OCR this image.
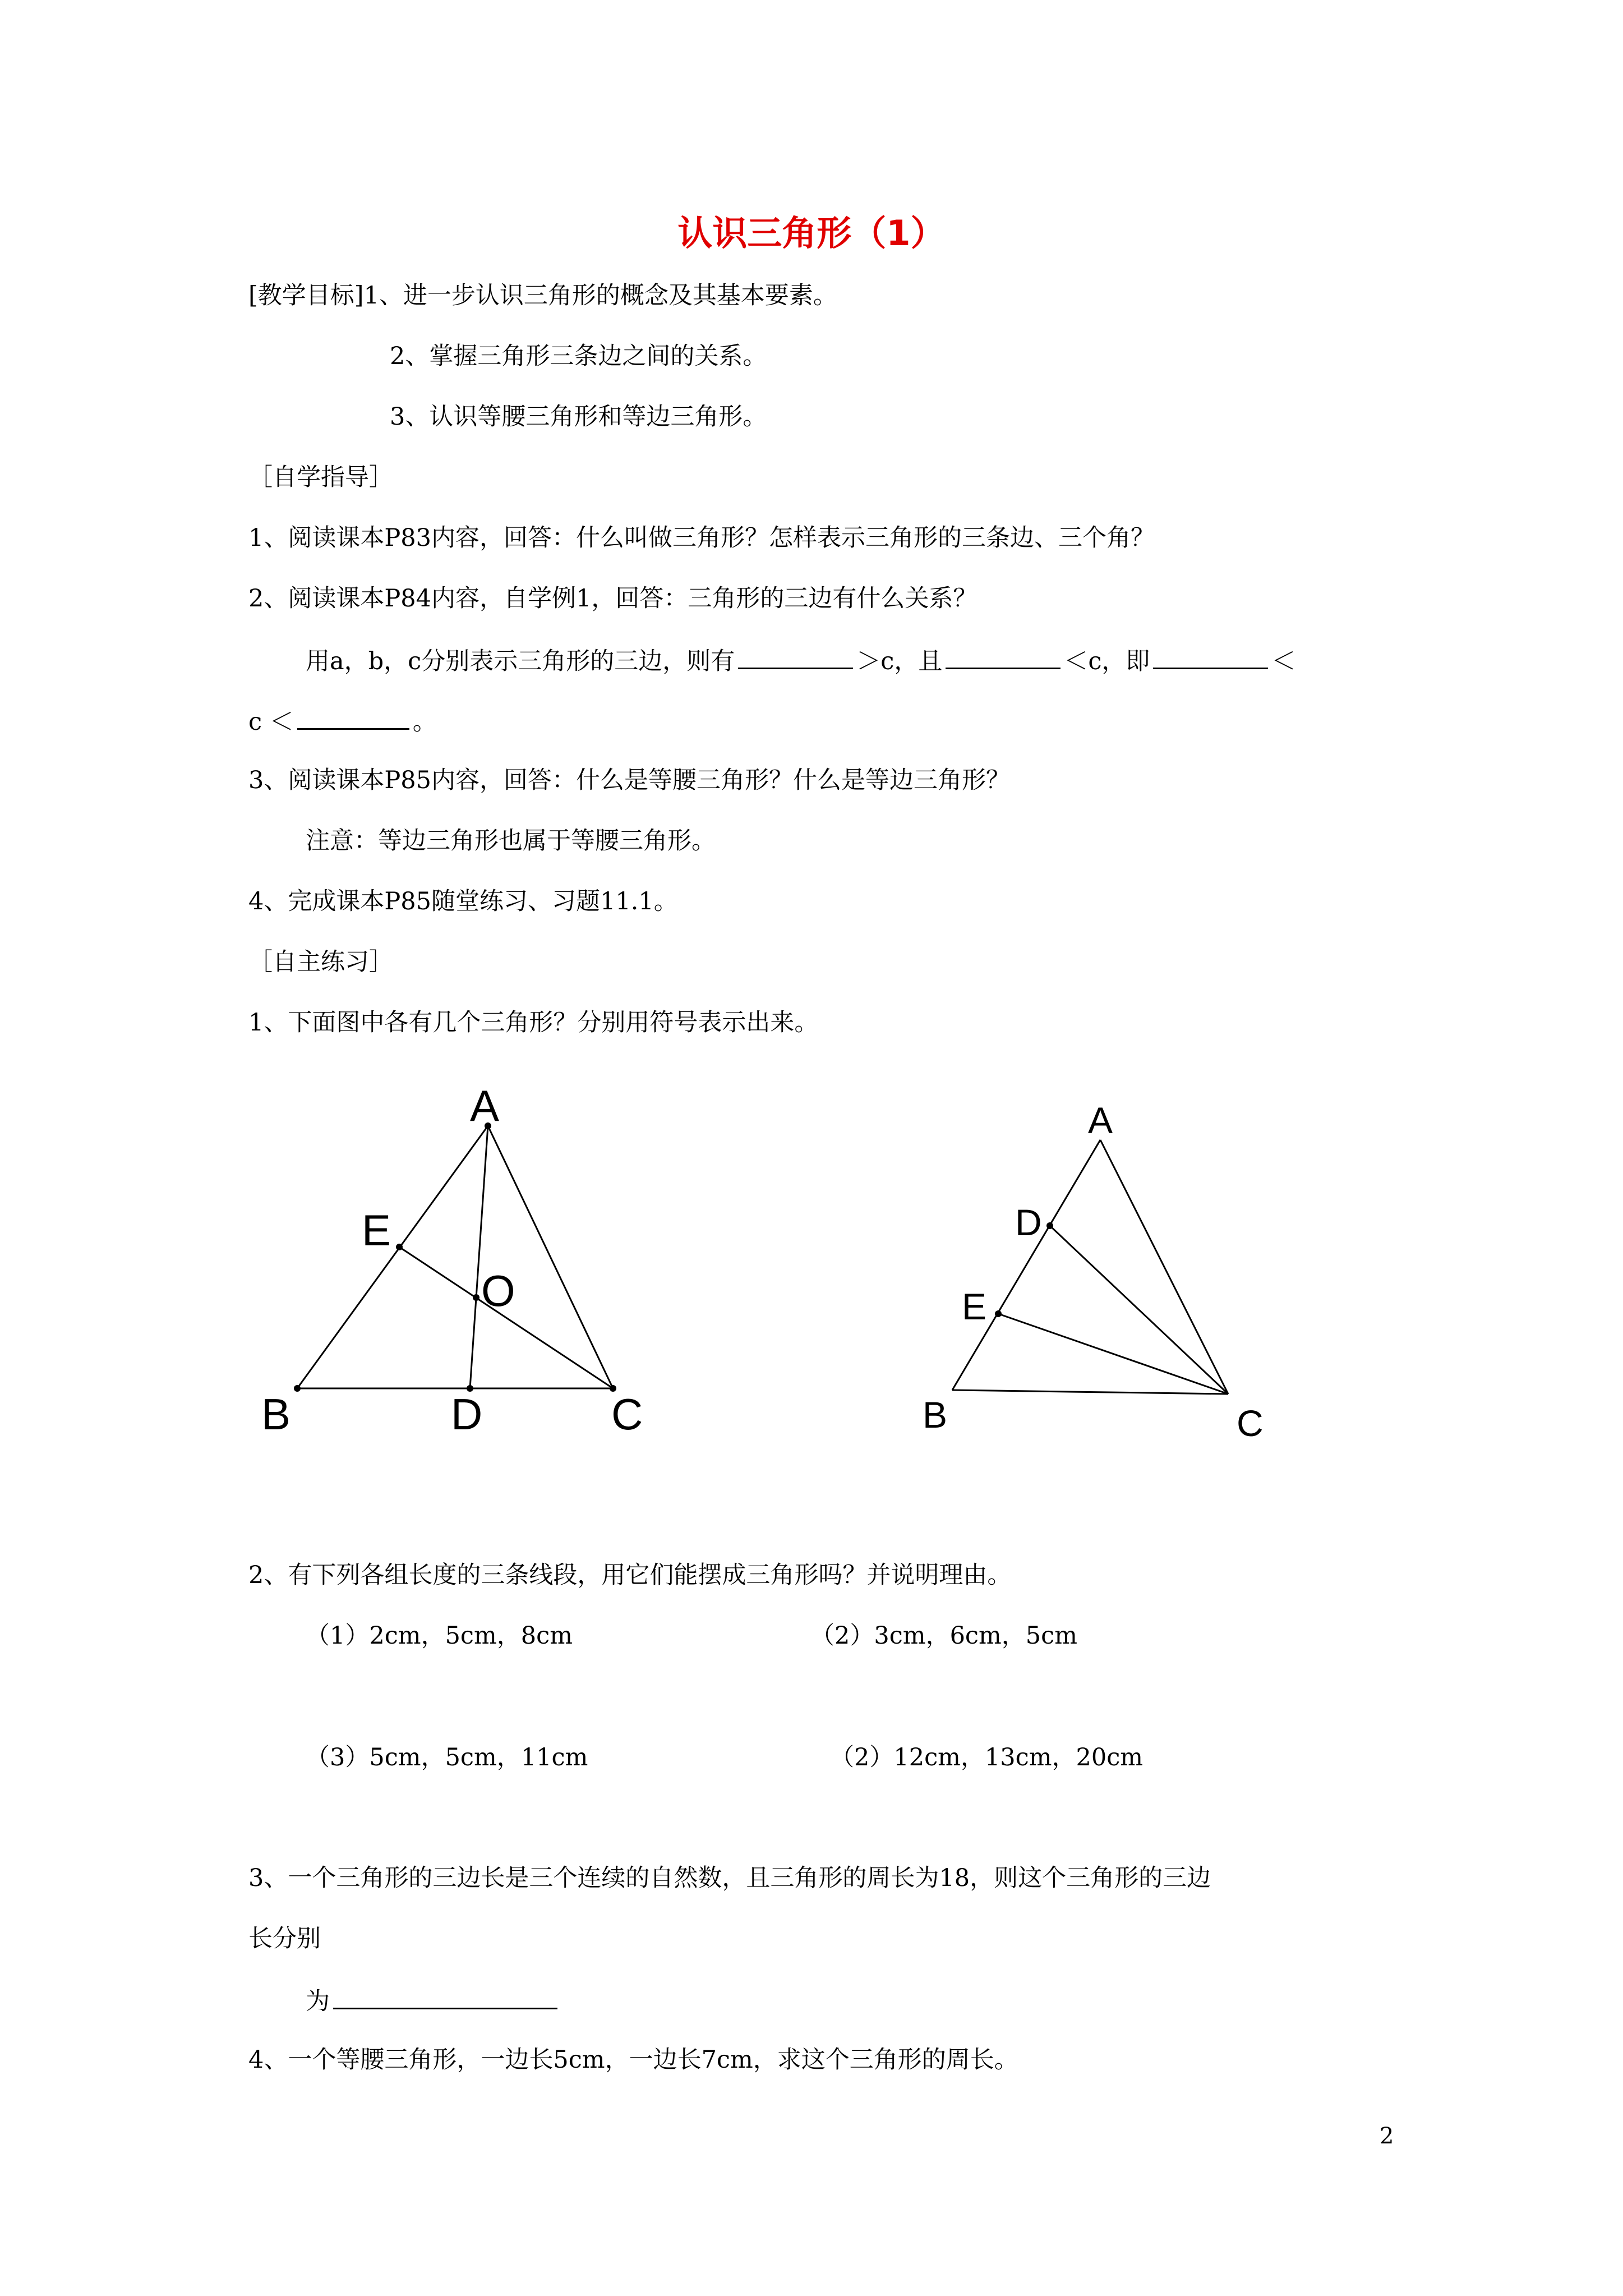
认识三角形（1）
[教学目标]1、进一步认识三角形的概念及其基本要素。
2、掌握三角形三条边之间的关系。
3、认识等腰三角形和等边三角形。
［自学指导］
1、阅读课本P83内容，回答：什么叫做三角形？怎样表示三角形的三条边、三个角？
2、阅读课本P84内容，自学例1，回答：三角形的三边有什么关系？
用a，b，c分别表示三角形的三边，则有	＞c，且	＜c，即	＜
c ＜	。
3、阅读课本P85内容，回答：什么是等腰三角形？什么是等边三角形？
注意：等边三角形也属于等腰三角形。
4、完成课本P85随堂练习、习题11.1。
［自主练习］
1、下面图中各有几个三角形？分别用符号表示出来。
A
E
O
B	D	C
A
D
E
B	C
2、有下列各组长度的三条线段，用它们能摆成三角形吗？并说明理由。
（1）2cm，5cm，8cm	（2）3cm，6cm，5cm
（3）5cm，5cm，11cm	（2）12cm，13cm，20cm
3、一个三角形的三边长是三个连续的自然数，且三角形的周长为18，则这个三角形的三边
长分别
为
4、一个等腰三角形，一边长5cm，一边长7cm，求这个三角形的周长。
2
